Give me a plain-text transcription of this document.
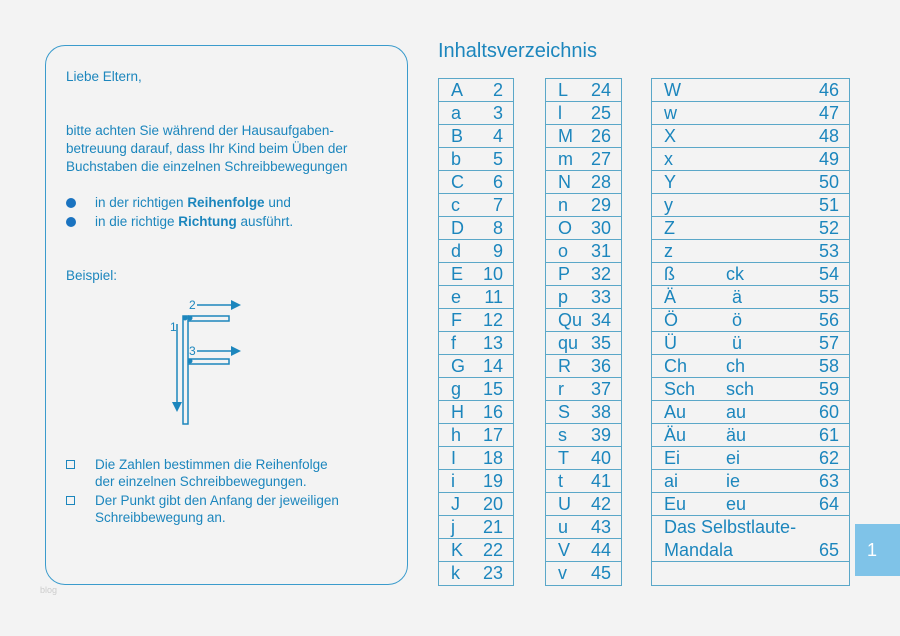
Liebe Eltern,
bitte achten Sie während der Hausaufgaben-
betreuung darauf, dass Ihr Kind beim Üben der
Buchstaben die einzelnen Schreibbewegungen
in der richtigen Reihenfolge und
in die richtige Richtung ausführt.
Beispiel:
1
2
3
Die Zahlen bestimmen die Reihenfolge
der einzelnen Schreibbewegungen.
Der Punkt gibt den Anfang der jeweiligen
Schreibbewegung an.
Inhaltsverzeichnis
A 2
a 3
B 4
b 5
C 6
c 7
D 8
d 9
E 10
e 11
F 12
f 13
G 14
g 15
H 16
h 17
I 18
i 19
J 20
j 21
K 22
k 23
L 24
l 25
M 26
m 27
N 28
n 29
O 30
o 31
P 32
p 33
Qu 34
qu 35
R 36
r 37
S 38
s 39
T 40
t 41
U 42
u 43
V 44
v 45
W	46
w	47
X	48
x	49
Y	50
y	51
Z	52
z	53
ß	ck	54
Ä	ä	55
Ö	ö	56
Ü	ü	57
Ch ch	58
Sch sch	59
Au au	60
Äu äu	61
Ei	ei	62
ai	ie	63
Eu eu	64
Das Selbstlaute-
Mandala	65	1
blog
